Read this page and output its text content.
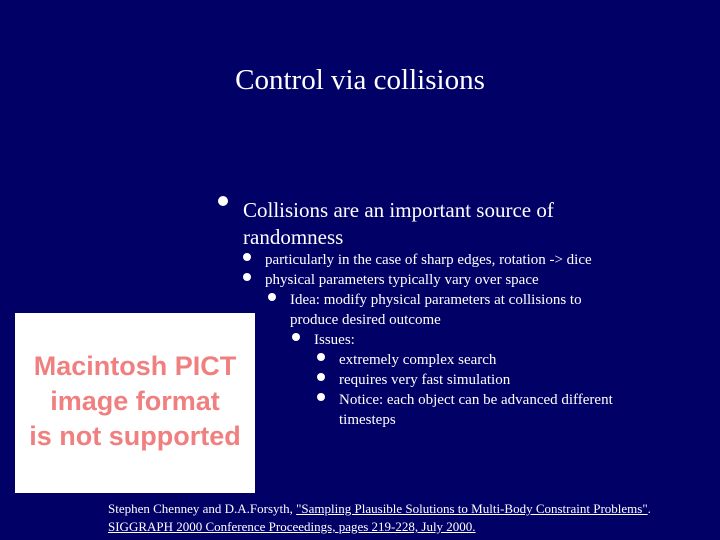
Control via collisions
Collisions are an important source of
randomness
particularly in the case of sharp edges, rotation -> dice
physical parameters typically vary over space
Idea: modify physical parameters at collisions to
produce desired outcome
Issues:
extremely complex search
requires very fast simulation
Notice: each object can be advanced different
timesteps
Macintosh PICT
image format
is not supported
Stephen Chenney and D.A.Forsyth, "Sampling Plausible Solutions to Multi-Body Constraint Problems".
SIGGRAPH 2000 Conference Proceedings, pages 219-228, July 2000.
